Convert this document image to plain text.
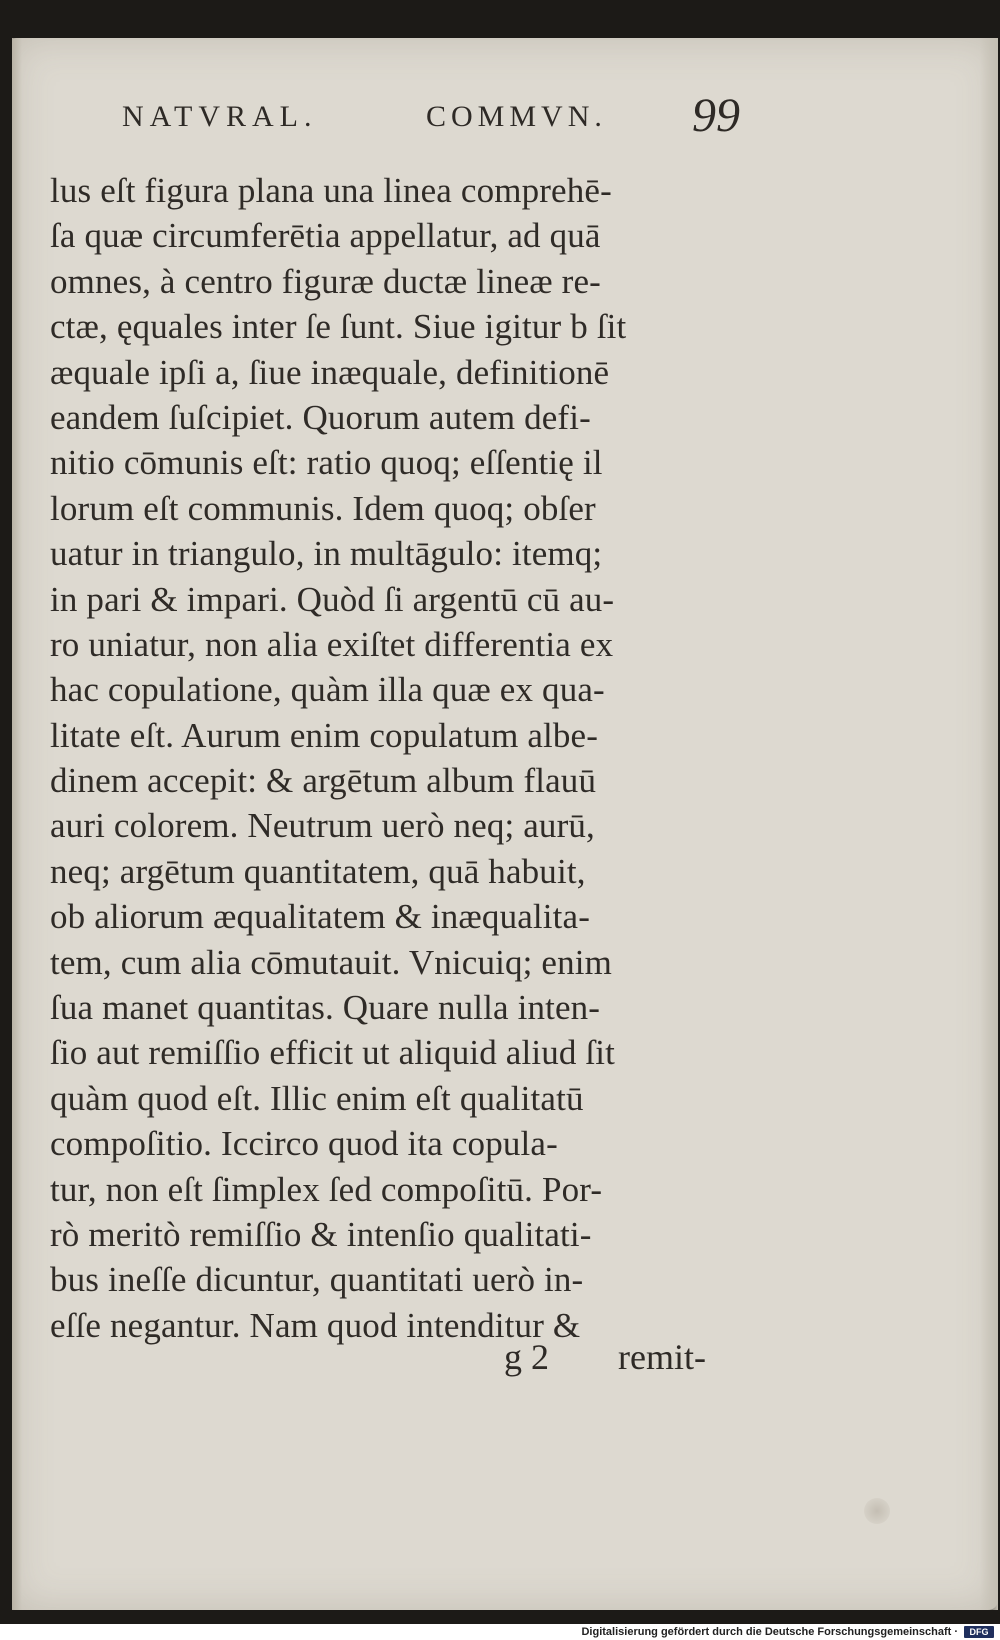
NATVRAL.	COMMVN. 99
lus eſt figura plana una linea comprehē-
ſa quæ circumferētia appellatur, ad quā
omnes, à centro figuræ ductæ lineæ re-
ctæ, ęquales inter ſe ſunt. Siue igitur b ſit
æquale ipſi a, ſiue inæquale, definitionē
eandem ſuſcipiet. Quorum autem defi-
nitio cōmunis eſt: ratio quoq; eſſentię il
lorum eſt communis. Idem quoq; obſer
uatur in triangulo, in multāgulo: itemq;
in pari & impari. Quòd ſi argentū cū au-
ro uniatur, non alia exiſtet differentia ex
hac copulatione, quàm illa quæ ex qua-
litate eſt. Aurum enim copulatum albe-
dinem accepit: & argētum album flauū
auri colorem. Neutrum uerò neq; aurū,
neq; argētum quantitatem, quā habuit,
ob aliorum æqualitatem & inæqualita-
tem, cum alia cōmutauit. Vnicuiq; enim
ſua manet quantitas. Quare nulla inten-
ſio aut remiſſio efficit ut aliquid aliud ſit
quàm quod eſt. Illic enim eſt qualitatū
compoſitio. Iccirco quod ita copula-
tur, non eſt ſimplex ſed compoſitū. Por-
rò meritò remiſſio & intenſio qualitati-
bus ineſſe dicuntur, quantitati uerò in-
eſſe negantur. Nam quod intenditur &
g 2 remit-
Digitalisierung gefördert durch die Deutsche Forschungsgemeinschaft ·	DFG
